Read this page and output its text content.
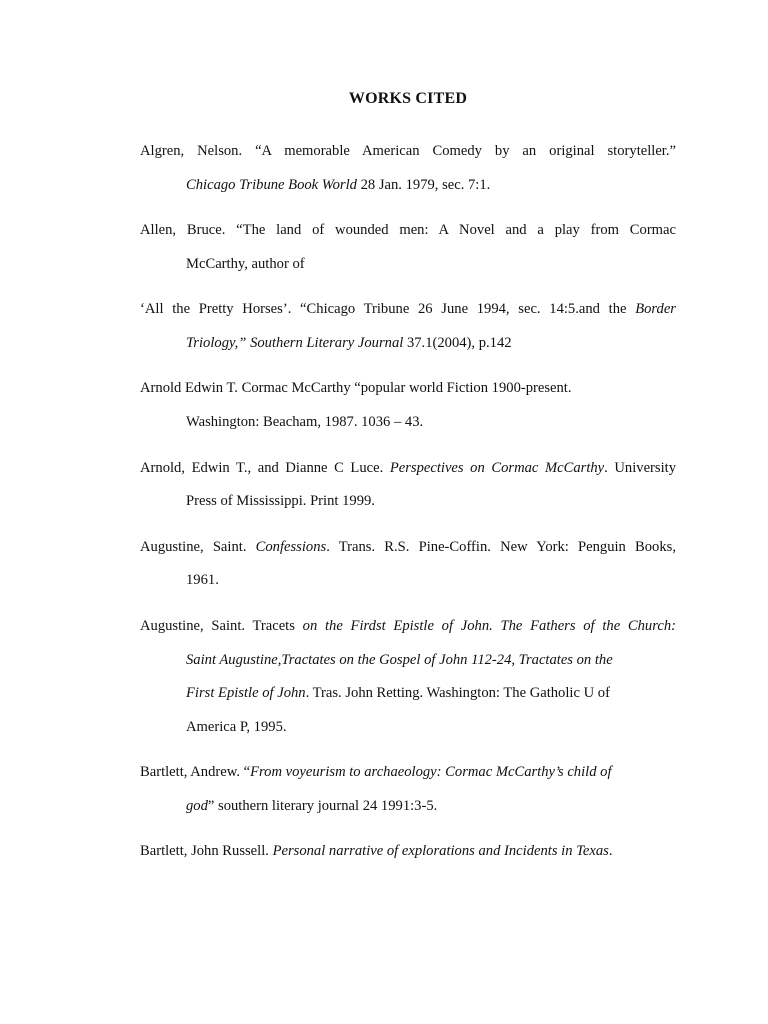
WORKS CITED
Algren, Nelson. “A memorable American Comedy by an original storyteller.”
Chicago Tribune Book World 28 Jan. 1979, sec. 7:1.
Allen, Bruce. “The land of wounded men: A Novel and a play from Cormac
McCarthy, author of
‘All the Pretty Horses’. “Chicago Tribune 26 June 1994, sec. 14:5.and the Border
Triology,” Southern Literary Journal 37.1(2004), p.142
Arnold Edwin T. Cormac McCarthy “popular world Fiction 1900-present.
Washington: Beacham, 1987. 1036 – 43.
Arnold, Edwin T., and Dianne C Luce. Perspectives on Cormac McCarthy. University
Press of Mississippi. Print 1999.
Augustine, Saint. Confessions. Trans. R.S. Pine-Coffin. New York: Penguin Books,
1961.
Augustine, Saint. Tracets on the Firdst Epistle of John. The Fathers of the Church:
Saint Augustine,Tractates on the Gospel of John 112-24, Tractates on the
First Epistle of John. Tras. John Retting. Washington: The Gatholic U of
America P, 1995.
Bartlett, Andrew. “From voyeurism to archaeology: Cormac McCarthy’s child of
god” southern literary journal 24 1991:3-5.
Bartlett, John Russell. Personal narrative of explorations and Incidents in Texas.
